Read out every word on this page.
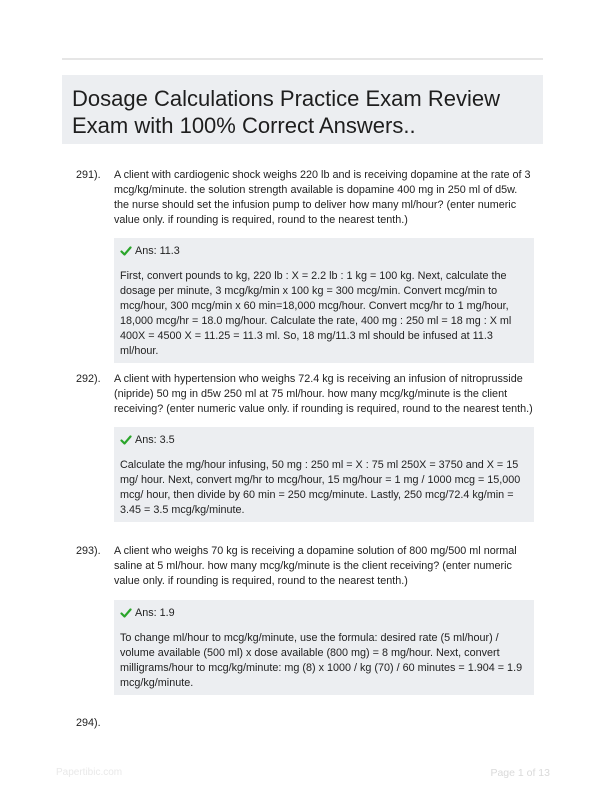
Dosage Calculations Practice Exam Review Exam with 100% Correct Answers..
291). A client with cardiogenic shock weighs 220 lb and is receiving dopamine at the rate of 3 mcg/kg/minute. the solution strength available is dopamine 400 mg in 250 ml of d5w. the nurse should set the infusion pump to deliver how many ml/hour? (enter numeric value only. if rounding is required, round to the nearest tenth.)
Ans: 11.3
First, convert pounds to kg, 220 lb : X = 2.2 lb : 1 kg = 100 kg. Next, calculate the dosage per minute, 3 mcg/kg/min x 100 kg = 300 mcg/min. Convert mcg/min to mcg/hour, 300 mcg/min x 60 min=18,000 mcg/hour. Convert mcg/hr to 1 mg/hour, 18,000 mcg/hr = 18.0 mg/hour. Calculate the rate, 400 mg : 250 ml = 18 mg : X ml 400X = 4500 X = 11.25 = 11.3 ml. So, 18 mg/11.3 ml should be infused at 11.3 ml/hour.
292). A client with hypertension who weighs 72.4 kg is receiving an infusion of nitroprusside (nipride) 50 mg in d5w 250 ml at 75 ml/hour. how many mcg/kg/minute is the client receiving? (enter numeric value only. if rounding is required, round to the nearest tenth.)
Ans: 3.5
Calculate the mg/hour infusing, 50 mg : 250 ml = X : 75 ml 250X = 3750 and X = 15 mg/ hour. Next, convert mg/hr to mcg/hour, 15 mg/hour = 1 mg / 1000 mcg = 15,000 mcg/ hour, then divide by 60 min = 250 mcg/minute. Lastly, 250 mcg/72.4 kg/min = 3.45 = 3.5 mcg/kg/minute.
293). A client who weighs 70 kg is receiving a dopamine solution of 800 mg/500 ml normal saline at 5 ml/hour. how many mcg/kg/minute is the client receiving? (enter numeric value only. if rounding is required, round to the nearest tenth.)
Ans: 1.9
To change ml/hour to mcg/kg/minute, use the formula: desired rate (5 ml/hour) / volume available (500 ml) x dose available (800 mg) = 8 mg/hour. Next, convert milligrams/hour to mcg/kg/minute: mg (8) x 1000 / kg (70) / 60 minutes = 1.904 = 1.9 mcg/kg/minute.
294).
Papertibic.com	Page 1 of 13
